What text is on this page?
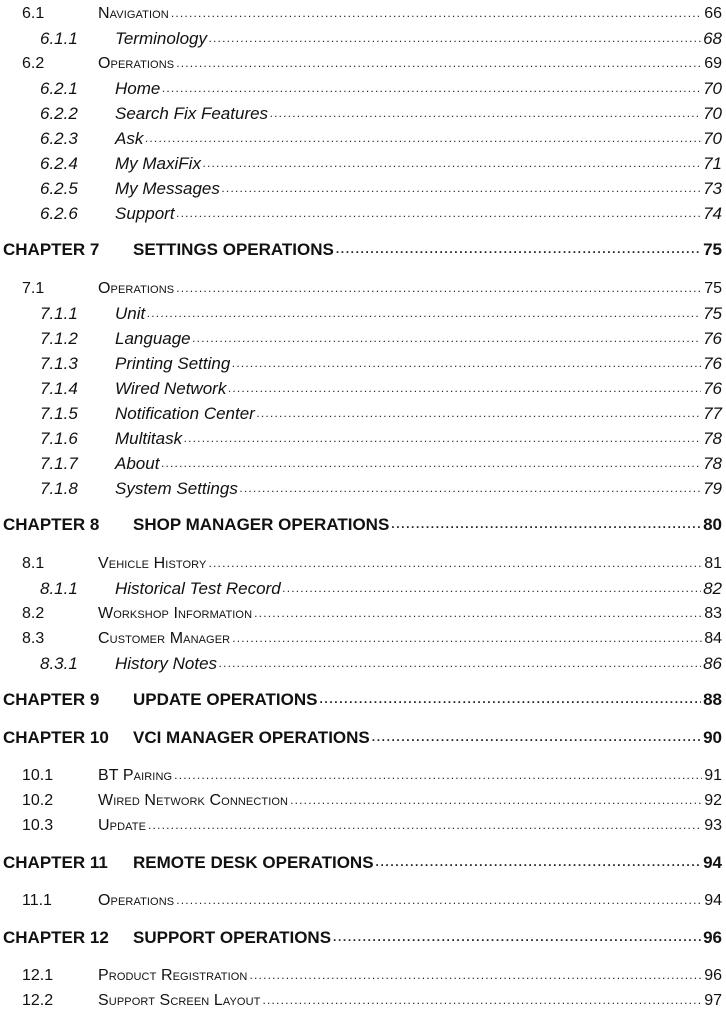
6.1	Navigation .....	66
6.1.1	Terminology .....	68
6.2	Operations .....	69
6.2.1	Home .....	70
6.2.2	Search Fix Features .....	70
6.2.3	Ask .....	70
6.2.4	My MaxiFix .....	71
6.2.5	My Messages .....	73
6.2.6	Support .....	74
CHAPTER 7	SETTINGS OPERATIONS .....	75
7.1	Operations .....	75
7.1.1	Unit .....	75
7.1.2	Language .....	76
7.1.3	Printing Setting .....	76
7.1.4	Wired Network .....	76
7.1.5	Notification Center .....	77
7.1.6	Multitask .....	78
7.1.7	About .....	78
7.1.8	System Settings .....	79
CHAPTER 8	SHOP MANAGER OPERATIONS .....	80
8.1	Vehicle History .....	81
8.1.1	Historical Test Record .....	82
8.2	Workshop Information .....	83
8.3	Customer Manager .....	84
8.3.1	History Notes .....	86
CHAPTER 9	UPDATE OPERATIONS .....	88
CHAPTER 10	VCI MANAGER OPERATIONS .....	90
10.1	BT Pairing .....	91
10.2	Wired Network Connection .....	92
10.3	Update .....	93
CHAPTER 11	REMOTE DESK OPERATIONS .....	94
11.1	Operations .....	94
CHAPTER 12	SUPPORT OPERATIONS .....	96
12.1	Product Registration .....	96
12.2	Support Screen Layout .....	97
